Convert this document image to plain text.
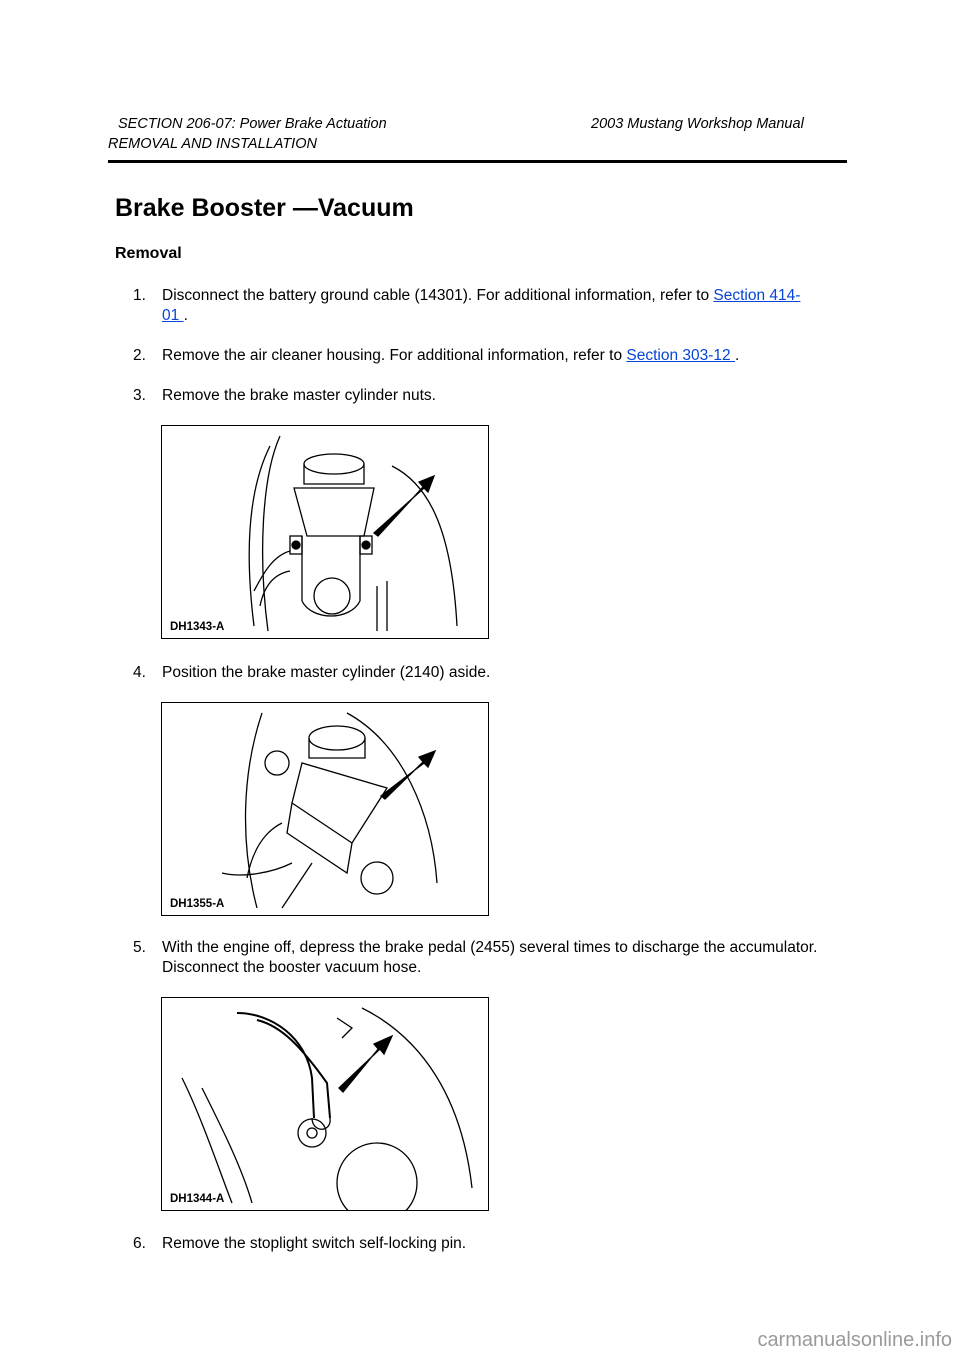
SECTION 206-07: Power Brake Actuation	2003 Mustang Workshop Manual
REMOVAL AND INSTALLATION
Brake Booster —Vacuum
Removal
1. Disconnect the battery ground cable (14301). For additional information, refer to Section 414-
01 .
2. Remove the air cleaner housing. For additional information, refer to Section 303-12 .
3. Remove the brake master cylinder nuts.
DH1343-A
4. Position the brake master cylinder (2140) aside.
DH1355-A
5. With the engine off, depress the brake pedal (2455) several times to discharge the accumulator. Disconnect the booster vacuum hose.
DH1344-A
6. Remove the stoplight switch self-locking pin.
carmanualsonline.info
